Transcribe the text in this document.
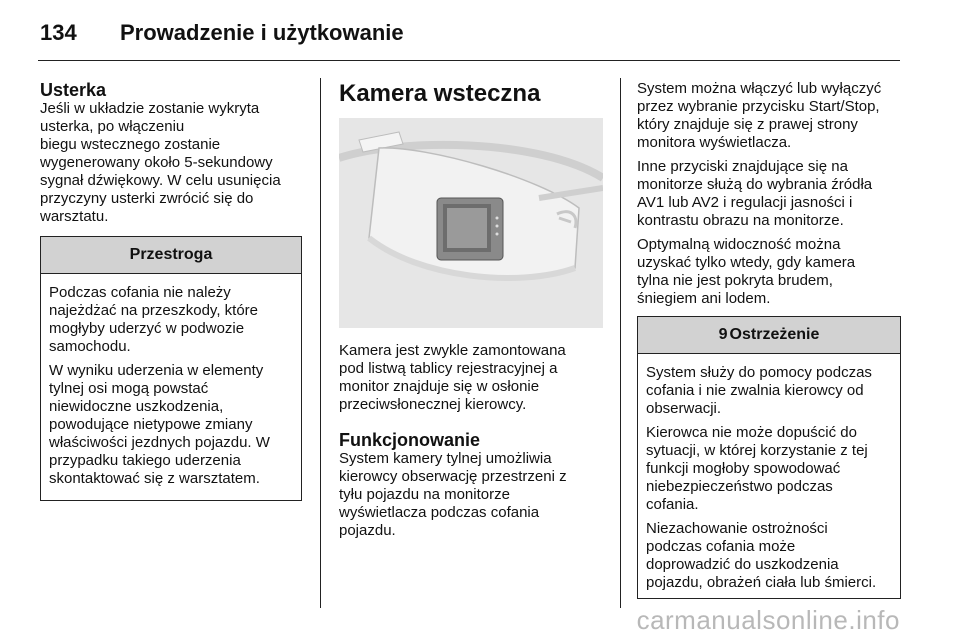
134 Prowadzenie i użytkowanie
Usterka
Jeśli w układzie zostanie wykryta
usterka, po włączeniu
biegu wstecznego zostanie
wygenerowany około 5-sekundowy
sygnał dźwiękowy. W celu usunięcia
przyczyny usterki zwrócić się do
warsztatu.
Przestroga

Podczas cofania nie należy
najeżdżać na przeszkody, które
mogłyby uderzyć w podwozie
samochodu.

W wyniku uderzenia w elementy
tylnej osi mogą powstać
niewidoczne uszkodzenia,
powodujące nietypowe zmiany
właściwości jezdnych pojazdu. W
przypadku takiego uderzenia
skontaktować się z warsztatem.

Kamera wsteczna

Kamera jest zwykle zamontowana
pod listwą tablicy rejestracyjnej a
monitor znajduje się w osłonie
przeciwsłonecznej kierowcy.

Funkcjonowanie

System kamery tylnej umożliwia
kierowcy obserwację przestrzeni z
tyłu pojazdu na monitorze
wyświetlacza podczas cofania
pojazdu.

System można włączyć lub wyłączyć
przez wybranie przycisku Start/Stop,
który znajduje się z prawej strony
monitora wyświetlacza.

Inne przyciski znajdujące się na
monitorze służą do wybrania źródła
AV1 lub AV2 i regulacji jasności i
kontrastu obrazu na monitorze.

Optymalną widoczność można
uzyskać tylko wtedy, gdy kamera
tylna nie jest pokryta brudem,
śniegiem ani lodem.

9 Ostrzeżenie

System służy do pomocy podczas
cofania i nie zwalnia kierowcy od
obserwacji.

Kierowca nie może dopuścić do
sytuacji, w której korzystanie z tej
funkcji mogłoby spowodować
niebezpieczeństwo podczas
cofania.

Niezachowanie ostrożności
podczas cofania może
doprowadzić do uszkodzenia
pojazdu, obrażeń ciała lub śmierci.

carmanualsonline.info
